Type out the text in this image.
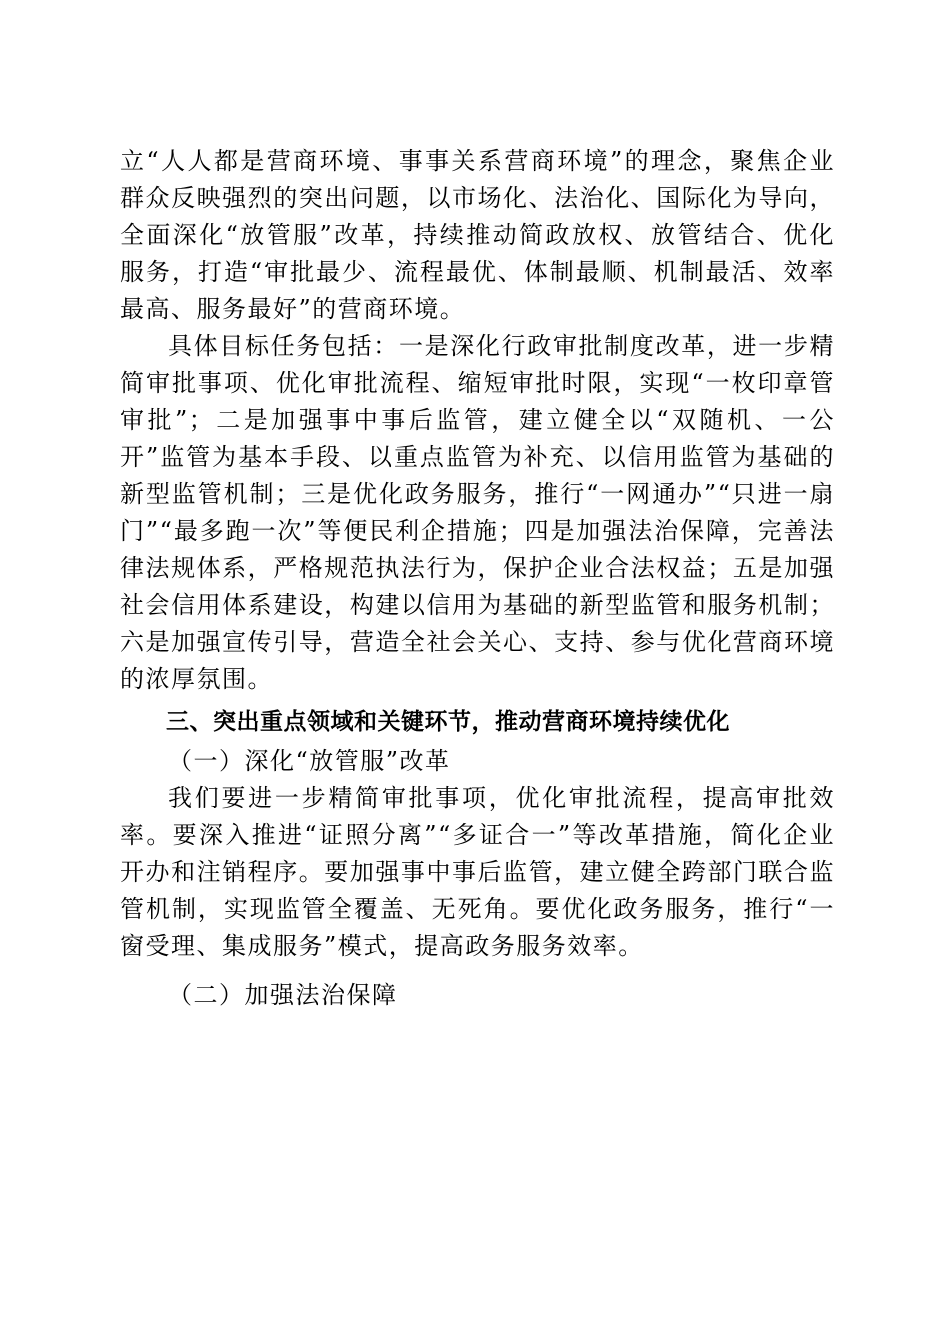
立“人人都是营商环境、事事关系营商环境”的理念，聚焦企业群众反映强烈的突出问题，以市场化、法治化、国际化为导向，全面深化“放管服”改革，持续推动简政放权、放管结合、优化服务，打造“审批最少、流程最优、体制最顺、机制最活、效率最高、服务最好”的营商环境。

具体目标任务包括：一是深化行政审批制度改革，进一步精简审批事项、优化审批流程、缩短审批时限，实现“一枚印章管审批”；二是加强事中事后监管，建立健全以“双随机、一公开”监管为基本手段、以重点监管为补充、以信用监管为基础的新型监管机制；三是优化政务服务，推行“一网通办”“只进一扇门”“最多跑一次”等便民利企措施；四是加强法治保障，完善法律法规体系，严格规范执法行为，保护企业合法权益；五是加强社会信用体系建设，构建以信用为基础的新型监管和服务机制；六是加强宣传引导，营造全社会关心、支持、参与优化营商环境的浓厚氛围。

三、突出重点领域和关键环节，推动营商环境持续优化

（一）深化“放管服”改革

我们要进一步精简审批事项，优化审批流程，提高审批效率。要深入推进“证照分离”“多证合一”等改革措施，简化企业开办和注销程序。要加强事中事后监管，建立健全跨部门联合监管机制，实现监管全覆盖、无死角。要优化政务服务，推行“一窗受理、集成服务”模式，提高政务服务效率。

（二）加强法治保障
